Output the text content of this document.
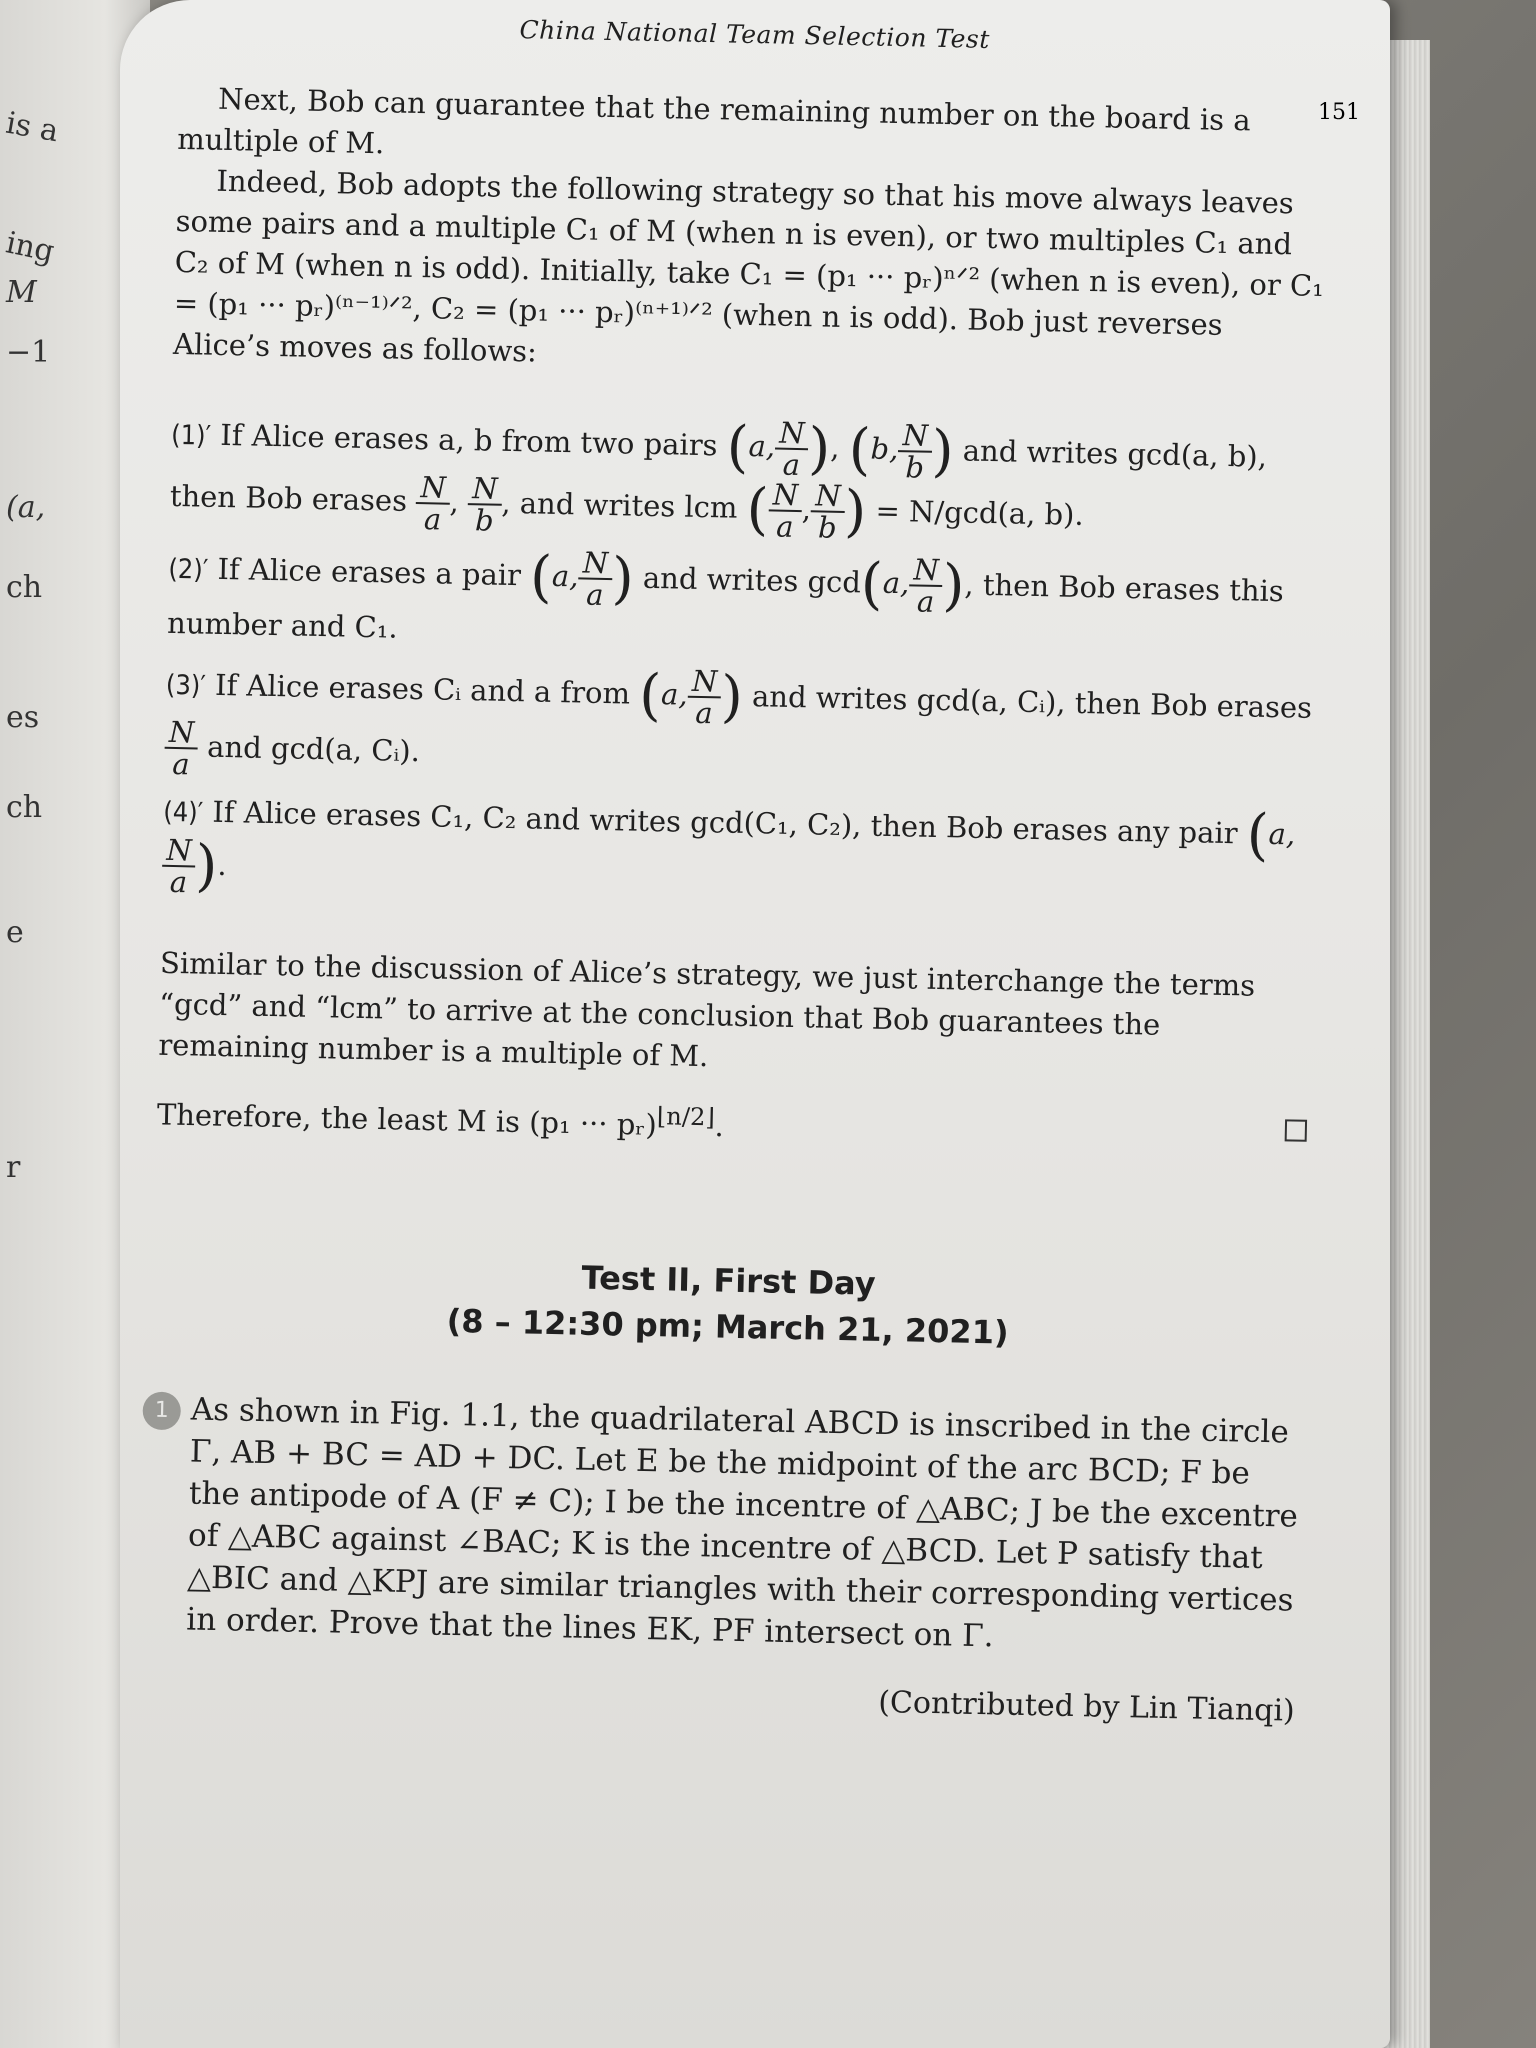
is a
ing
M
−1
(a,
ch
es
ch
e
r
151
China National Team Selection Test

Next, Bob can guarantee that the remaining number on the board is a multiple of M.

Indeed, Bob adopts the following strategy so that his move always leaves some pairs and a multiple C₁ of M (when n is even), or two multiples C₁ and C₂ of M (when n is odd). Initially, take C₁ = (p₁ ··· pᵣ)ⁿᐟ² (when n is even), or C₁ = (p₁ ··· pᵣ)⁽ⁿ⁻¹⁾ᐟ², C₂ = (p₁ ··· pᵣ)⁽ⁿ⁺¹⁾ᐟ² (when n is odd). Bob just reverses Alice’s moves as follows:

(1)′ If Alice erases a, b from two pairs (a,
$\frac{N}{a}$
), (b,
$\frac{N}{b}$
) and writes gcd(a, b), then Bob erases $\frac{N}{a}$ ,
$\frac{N}{b}$ , and writes lcm (
$\frac{N}{a}$ ,
$\frac{N}{b}$
) = N/gcd(a, b).
(2)′ If Alice erases a pair (a,
$\frac{N}{a}$
) and writes gcd(a,
$\frac{N}{a}$
), then Bob erases this number and C₁.
(3)′ If Alice erases Cᵢ and a from (a,
$\frac{N}{a}$
) and writes gcd(a, Cᵢ), then Bob erases
$\frac{N}{a}$ and gcd(a, Cᵢ).
(4)′ If Alice erases C₁, C₂ and writes gcd(C₁, C₂), then Bob erases any pair (a,
$\frac{N}{a}$
).

Similar to the discussion of Alice’s strategy, we just interchange the terms “gcd” and “lcm” to arrive at the conclusion that Bob guarantees the remaining number is a multiple of M.

Therefore, the least M is (p₁ ··· pᵣ)$^{⌊n/2⌋}$.

Test II, First Day
(8 – 12:30 pm; March 21, 2021)
1 As shown in Fig. 1.1, the quadrilateral ABCD is inscribed in the circle Γ, AB + BC = AD + DC. Let E be the midpoint of the arc BCD; F be the antipode of A (F ≠ C); I be the incentre of △ABC; J be the excentre of △ABC against ∠BAC; K is the incentre of △BCD. Let P satisfy that △BIC and △KPJ are similar triangles with their corresponding vertices in order. Prove that the lines EK, PF intersect on Γ.

(Contributed by Lin Tianqi)
